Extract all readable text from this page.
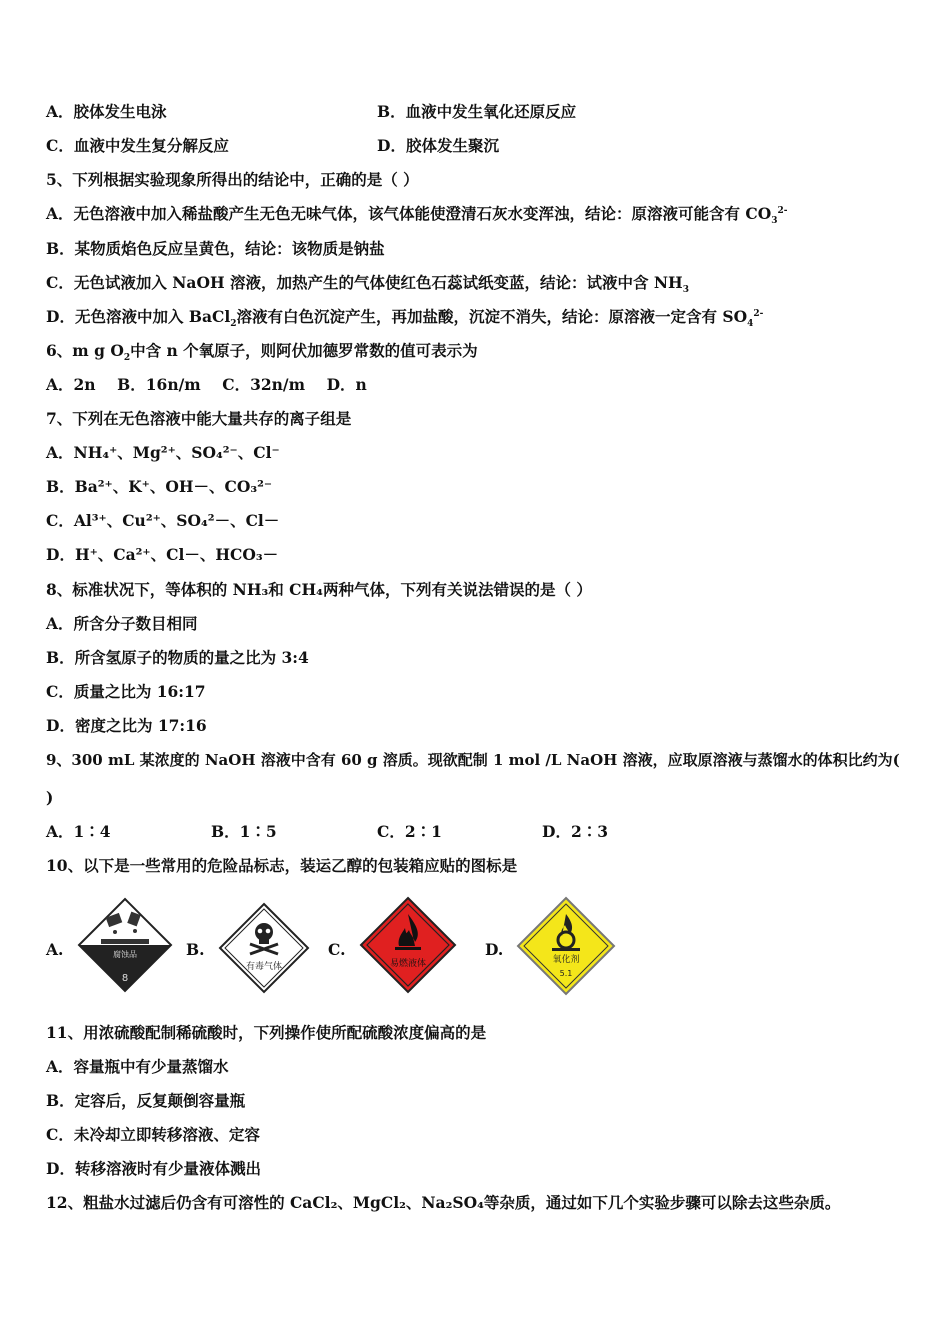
A．胶体发生电泳	B．血液中发生氧化还原反应
C．血液中发生复分解反应	D．胶体发生聚沉
5、下列根据实验现象所得出的结论中，正确的是（ ）
A．无色溶液中加入稀盐酸产生无色无味气体，该气体能使澄清石灰水变浑浊，结论：原溶液可能含有 $CO_3^{2-}$
B．某物质焰色反应呈黄色，结论：该物质是钠盐
C．无色试液加入 NaOH 溶液，加热产生的气体使红色石蕊试纸变蓝，结论：试液中含 $NH_3$
D．无色溶液中加入 BaCl$_2$溶液有白色沉淀产生，再加盐酸，沉淀不消失，结论：原溶液一定含有 $SO_4^{2-}$
6、m g $O_2$中含 n 个氧原子，则阿伏加德罗常数的值可表示为
A．2n    B．16n/m    C．32n/m    D．n
7、下列在无色溶液中能大量共存的离子组是
A．NH₄⁺、Mg²⁺、SO₄²⁻、Cl⁻
B．Ba²⁺、K⁺、OH－、CO₃²⁻
C．Al³⁺、Cu²⁺、SO₄²－、Cl－
D．H⁺、Ca²⁺、Cl－、HCO₃－
8、标准状况下，等体积的 NH₃和 CH₄两种气体，下列有关说法错误的是（ ）
A．所含分子数目相同
B．所含氢原子的物质的量之比为 3:4
C．质量之比为 16:17
D．密度之比为 17:16
9、300 mL 某浓度的 NaOH 溶液中含有 60 g 溶质。现欲配制 1 mol /L NaOH 溶液，应取原溶液与蒸馏水的体积比约为(
)
A．1∶4	B．1∶5	C．2∶1	D．2∶3
10、以下是一些常用的危险品标志，装运乙醇的包装箱应贴的图标是
A.	腐蚀品
8
B.
有毒气体
C.
易燃液体
D.
氧化剂
5.1
11、用浓硫酸配制稀硫酸时，下列操作使所配硫酸浓度偏高的是
A．容量瓶中有少量蒸馏水
B．定容后，反复颠倒容量瓶
C．未冷却立即转移溶液、定容
D．转移溶液时有少量液体溅出
12、粗盐水过滤后仍含有可溶性的 CaCl₂、MgCl₂、Na₂SO₄等杂质，通过如下几个实验步骤可以除去这些杂质。
